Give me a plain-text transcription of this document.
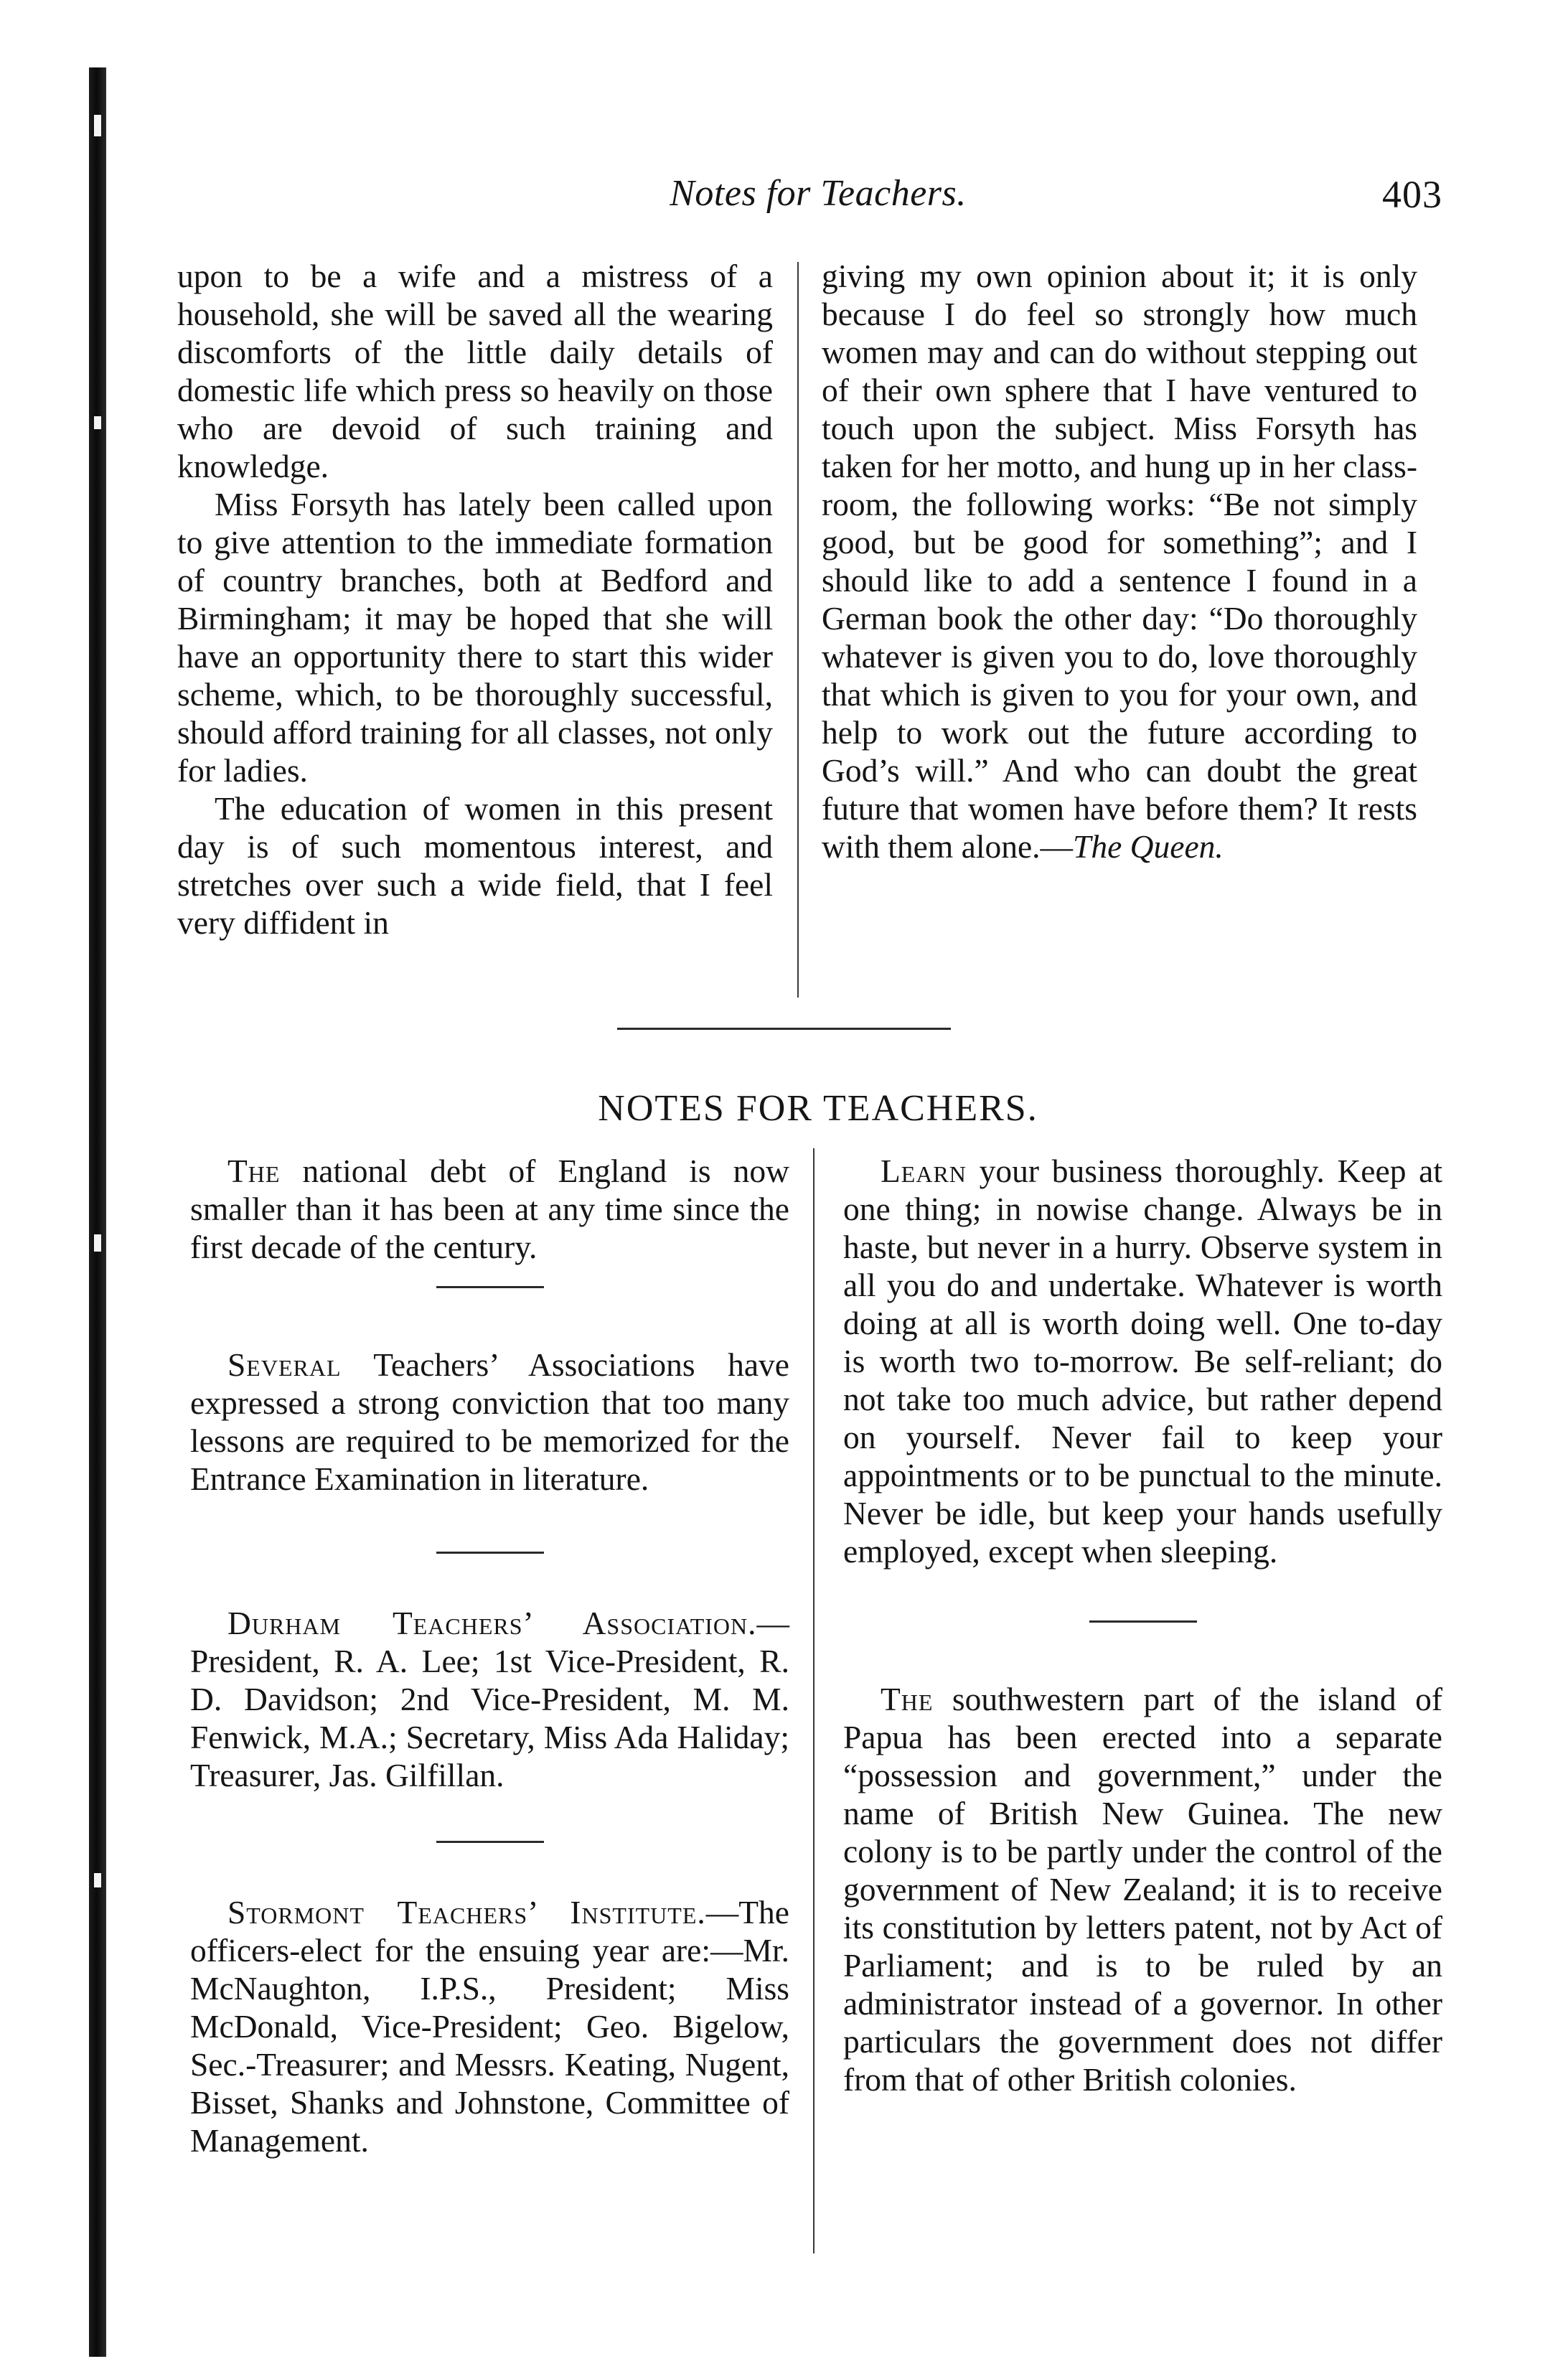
Notes for Teachers.	403

upon to be a wife and a mistress of a household, she will be saved all the wearing discomforts of the little daily details of domestic life which press so heavily on those who are devoid of such training and knowledge.

Miss Forsyth has lately been called upon to give attention to the immediate formation of country branches, both at Bedford and Birmingham; it may be hoped that she will have an opportunity there to start this wider scheme, which, to be thoroughly successful, should afford training for all classes, not only for ladies.

The education of women in this present day is of such momentous interest, and stretches over such a wide field, that I feel very diffident in

giving my own opinion about it; it is only because I do feel so strongly how much women may and can do without stepping out of their own sphere that I have ventured to touch upon the subject. Miss Forsyth has taken for her motto, and hung up in her class-room, the following works: “Be not simply good, but be good for something”; and I should like to add a sentence I found in a German book the other day: “Do thoroughly whatever is given you to do, love thoroughly that which is given to you for your own, and help to work out the future according to God’s will.” And who can doubt the great future that women have before them? It rests with them alone.—The Queen.

NOTES FOR TEACHERS.

The national debt of England is now smaller than it has been at any time since the first decade of the century.

Several Teachers’ Associations have expressed a strong conviction that too many lessons are required to be memorized for the Entrance Examination in literature.

Durham Teachers’ Association.—President, R. A. Lee; 1st Vice-President, R. D. Davidson; 2nd Vice-President, M. M. Fenwick, M.A.; Secretary, Miss Ada Haliday; Treasurer, Jas. Gilfillan.

Stormont Teachers’ Institute.—The officers-elect for the ensuing year are:—Mr. McNaughton, I.P.S., President; Miss McDonald, Vice-President; Geo. Bigelow, Sec.-Treasurer; and Messrs. Keating, Nugent, Bisset, Shanks and Johnstone, Committee of Management.

Learn your business thoroughly. Keep at one thing; in nowise change. Always be in haste, but never in a hurry. Observe system in all you do and undertake. Whatever is worth doing at all is worth doing well. One to-day is worth two to-morrow. Be self-reliant; do not take too much advice, but rather depend on yourself. Never fail to keep your appointments or to be punctual to the minute. Never be idle, but keep your hands usefully employed, except when sleeping.

The southwestern part of the island of Papua has been erected into a separate “possession and government,” under the name of British New Guinea. The new colony is to be partly under the control of the government of New Zealand; it is to receive its constitution by letters patent, not by Act of Parliament; and is to be ruled by an administrator instead of a governor. In other particulars the government does not differ from that of other British colonies.
